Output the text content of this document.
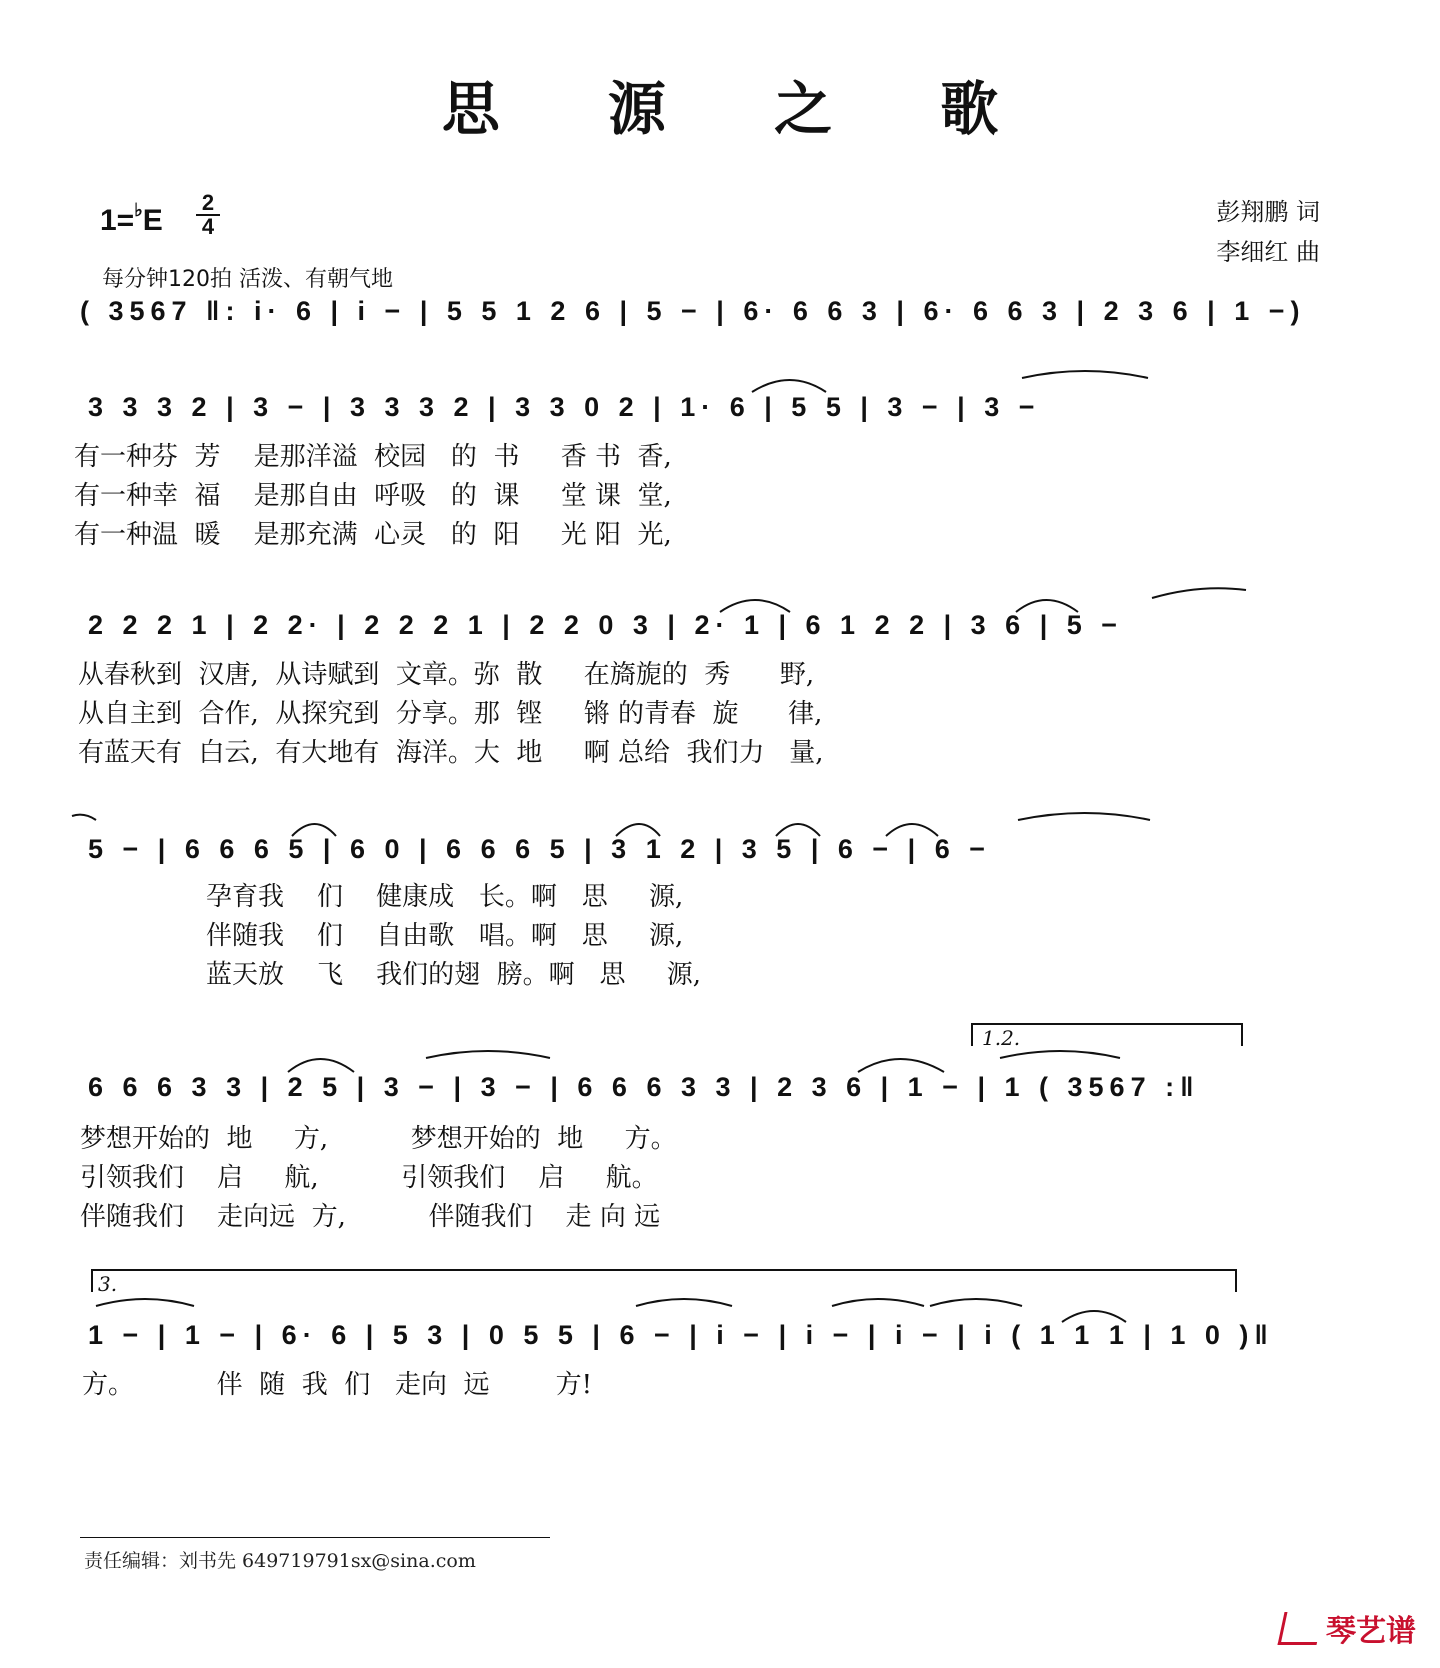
思 源 之 歌
1=♭E
2
4
每分钟120拍 活泼、有朝气地
彭翔鹏 词
李细红 曲
( 3567 ‖: i· 6 | i − | 5 5 1 2 6 | 5 − | 6· 6 6 3 | 6· 6 6 3 | 2 3 6 | 1 −)
3 3 3 2 | 3 − | 3 3 3 2 | 3 3 0 2 | 1· 6 | 5 5 | 3 − | 3 −
有一种芬  芳    是那洋溢  校园   的  书     香 书  香,
有一种幸  福    是那自由  呼吸   的  课     堂 课  堂,
有一种温  暖    是那充满  心灵   的  阳     光 阳  光,
2 2 2 1 | 2 2· | 2 2 2 1 | 2 2 0 3 | 2· 1 | 6 1 2 2 | 3 6 | 5 −
从春秋到  汉唐,  从诗赋到  文章。弥  散     在旖旎的  秀      野,
从自主到  合作,  从探究到  分享。那  铿     锵 的青春  旋      律,
有蓝天有  白云,  有大地有  海洋。大  地     啊 总给  我们力   量,
5 − | 6 6 6 5 | 6 0 | 6 6 6 5 | 3 1 2 | 3 5 | 6 − | 6 −
孕育我    们    健康成   长。啊   思     源,
伴随我    们    自由歌   唱。啊   思     源,
蓝天放    飞    我们的翅  膀。啊   思     源,
1.2.
6 6 6 3 3 | 2 5 | 3 − | 3 − | 6 6 6 3 3 | 2 3 6 | 1 − | 1 ( 3567 :‖
梦想开始的  地     方,          梦想开始的  地     方。
引领我们    启     航,          引领我们    启     航。
伴随我们    走向远  方,          伴随我们    走 向 远
3.
1 − | 1 − | 6· 6 | 5 3 | 0 5 5 | 6 − | i − | i − | i − | i ( 1 1 1 | 1 0 )‖
方。          伴  随  我  们   走向  远        方!
责任编辑：刘书先 649719791sx@sina.com
琴艺谱
